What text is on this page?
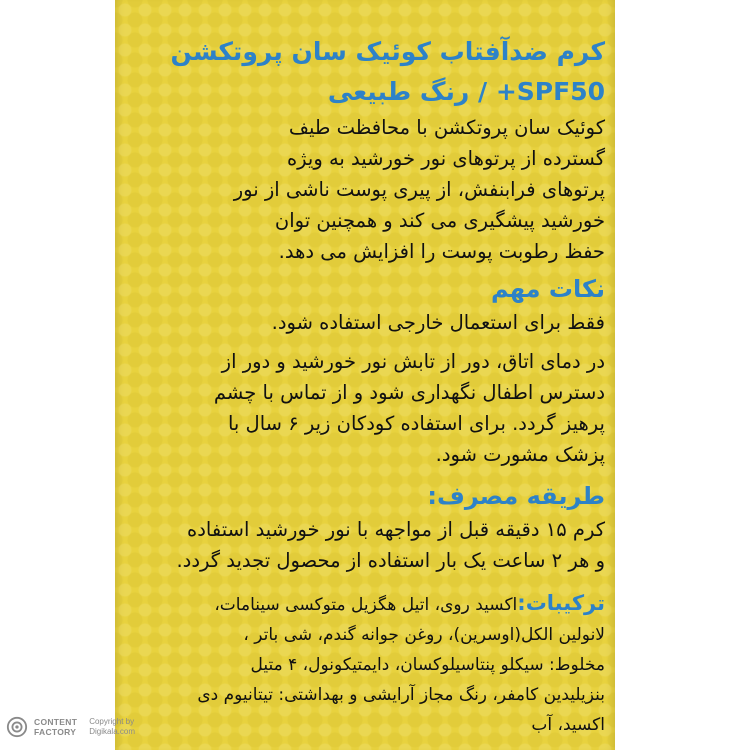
کرم ضدآفتاب کوئیک سان پروتکشن

SPF50+ / رنگ طبیعی

کوئیک سان پروتکشن با محافظت طیف

گسترده از پرتوهای نور خورشید به ویژه

پرتوهای فرابنفش، از پیری پوست ناشی از نور

خورشید پیشگیری می کند و همچنین توان

حفظ رطوبت پوست را افزایش می دهد.

نکات مهم

فقط برای استعمال خارجی استفاده شود.

در دمای اتاق، دور از تابش نور خورشید و دور از

دسترس اطفال نگهداری شود و از تماس با چشم

پرهیز گردد. برای استفاده کودکان زیر ۶ سال با

پزشک مشورت شود.

طریقه مصرف:

کرم ۱۵ دقیقه قبل از مواجهه با نور خورشید استفاده

و هر ۲ ساعت یک بار استفاده از محصول تجدید گردد.

ترکیبات:اکسید روی، اتیل هگزیل متوکسی سینامات،

لانولین الکل(اوسرین)، روغن جوانه گندم، شی باتر ،

مخلوط: سیکلو پنتاسیلوکسان، دایمتیکونول، ۴ متیل

بنزیلیدین کامفر، رنگ مجاز آرایشی و بهداشتی: تیتانیوم دی

اکسید، آب

CONTENT
FACTORY
Copyright by
Digikala.com
